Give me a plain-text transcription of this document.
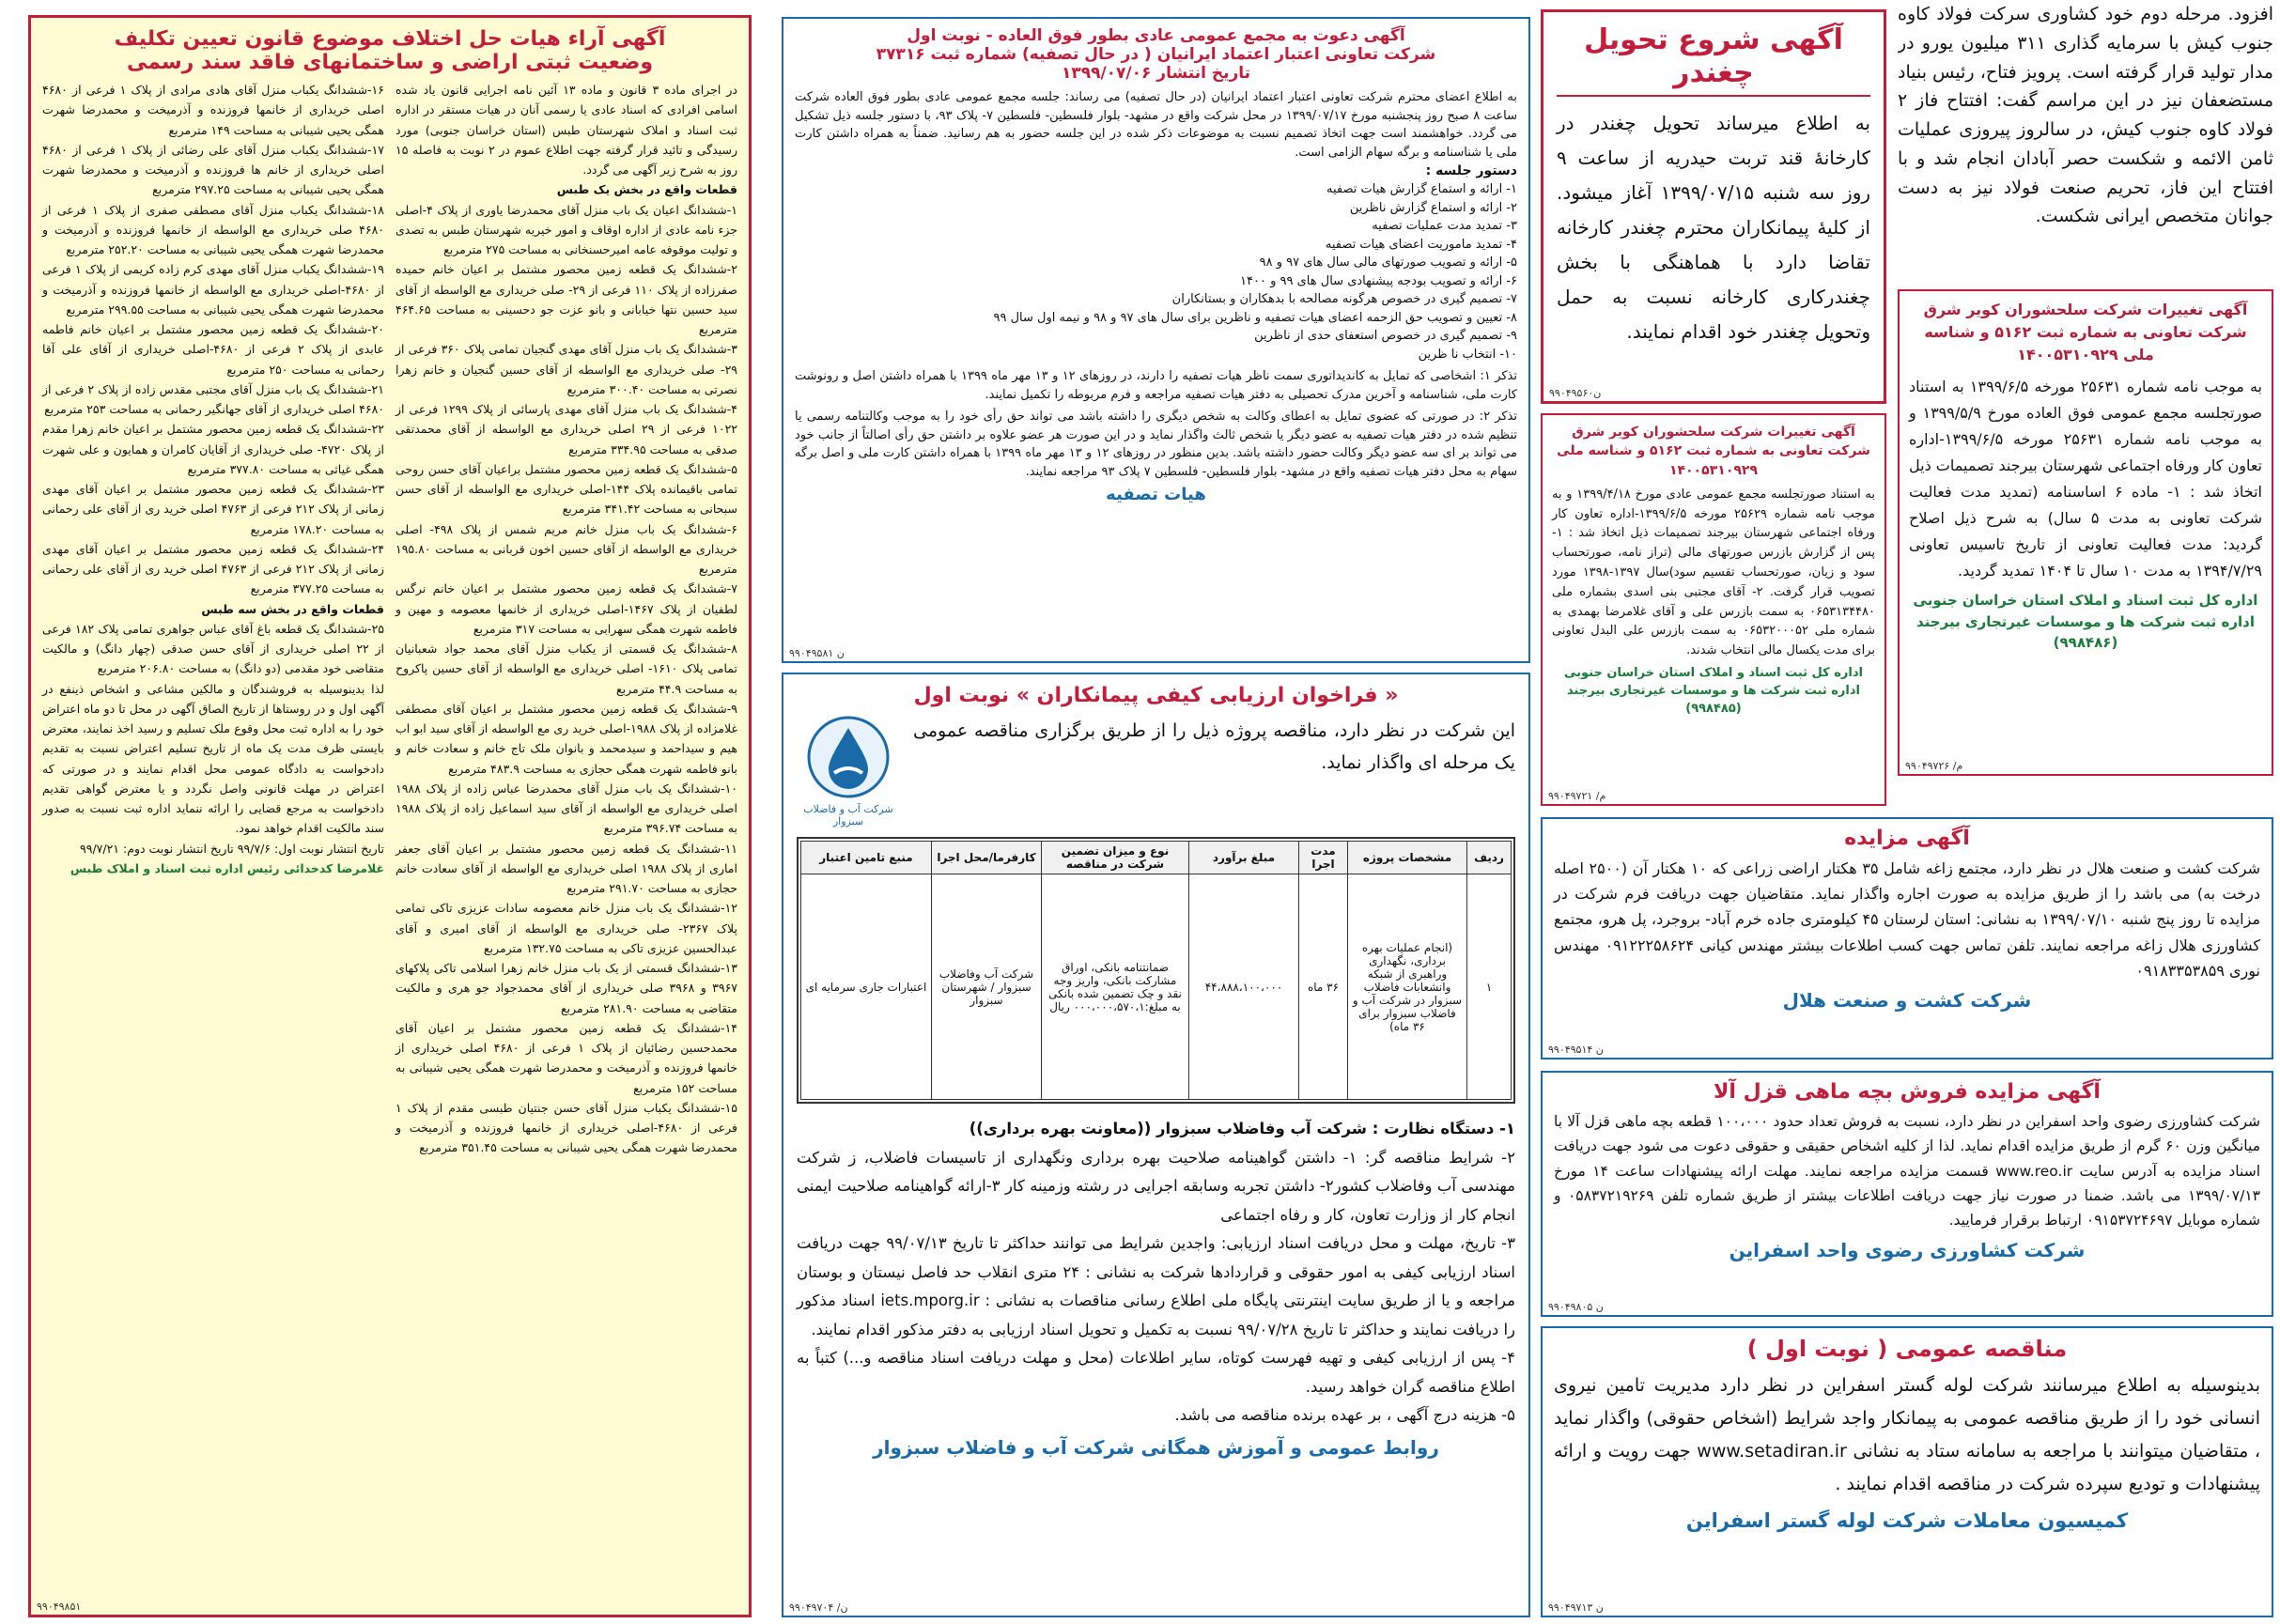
افزود. مرحله دوم خود کشاوری سرکت فولاد کاوه جنوب کیش با سرمایه گذاری ۳۱۱ میلیون یورو در مدار تولید قرار گرفته است. پرویز فتاح، رئیس بنیاد مستضعفان نیز در این مراسم گفت: افتتاح فاز ۲ فولاد کاوه جنوب کیش، در سالروز پیروزی عملیات ثامن الائمه و شکست حصر آبادان انجام شد و با افتتاح این فاز، تحریم صنعت فولاد نیز به دست جوانان متخصص ایرانی شکست.

آگهی شروع تحویل چغندر

به اطلاع میرساند تحویل چغندر در کارخانهٔ قند تربت حیدریه از ساعت ۹ روز سه شنبه ۱۳۹۹/۰۷/۱۵ آغاز میشود. از کلیهٔ پیمانکاران محترم چغندر کارخانه تقاضا دارد با هماهنگی با بخش چغندرکاری کارخانه نسبت به حمل وتحویل چغندر خود اقدام نمایند.

ن۹۹۰۴۹۵۶۰

آگهی تغییرات شرکت سلحشوران کویر شرق شرکت تعاونی به شماره ثبت ۵۱۶۲ و شناسه ملی ۱۴۰۰۵۳۱۰۹۲۹

به موجب نامه شماره ۲۵۶۳۱ مورخه ۱۳۹۹/۶/۵ به استناد صورتجلسه مجمع عمومی فوق العاده مورخ ۱۳۹۹/۵/۹ و به موجب نامه شماره ۲۵۶۳۱ مورخه ۱۳۹۹/۶/۵-اداره تعاون کار ورفاه اجتماعی شهرستان بیرجند تصمیمات ذیل اتخاذ شد : ۱- ماده ۶ اساسنامه (تمدید مدت فعالیت شرکت تعاونی به مدت ۵ سال) به شرح ذیل اصلاح گردید: مدت فعالیت تعاونی از تاریخ تاسیس تعاونی ۱۳۹۴/۷/۲۹ به مدت ۱۰ سال تا ۱۴۰۴ تمدید گردید.

اداره کل ثبت اسناد و املاک استان خراسان جنوبی اداره ثبت شرکت ها و موسسات غیرتجاری بیرجند (۹۹۸۴۸۶)

م/ ۹۹۰۴۹۷۲۶

آگهی تغییرات شرکت سلحشوران کویر شرق شرکت تعاونی به شماره ثبت ۵۱۶۲ و شناسه ملی ۱۴۰۰۵۳۱۰۹۲۹

به استناد صورتجلسه مجمع عمومی عادی مورخ ۱۳۹۹/۴/۱۸ و به موجب نامه شماره ۲۵۶۲۹ مورخه ۱۳۹۹/۶/۵-اداره تعاون کار ورفاه اجتماعی شهرستان بیرجند تصمیمات ذیل اتخاذ شد : ۱- پس از گزارش بازرس صورتهای مالی (تراز نامه، صورتحساب سود و زیان، صورتحساب تقسیم سود)سال ۱۳۹۷-۱۳۹۸ مورد تصویب قرار گرفت. ۲- آقای مجتبی بنی اسدی بشماره ملی ۰۶۵۳۱۳۴۴۸۰ به سمت بازرس علی و آقای غلامرضا بهمدی به شماره ملی ۰۶۵۳۲۰۰۰۵۲ به سمت بازرس علی البدل تعاونی برای مدت یکسال مالی انتخاب شدند.

اداره کل ثبت اسناد و املاک استان خراسان جنوبی اداره ثبت شرکت ها و موسسات غیرتجاری بیرجند (۹۹۸۴۸۵)

م/ ۹۹۰۴۹۷۲۱

آگهی مزایده

شرکت کشت و صنعت هلال در نظر دارد، مجتمع زاغه شامل ۳۵ هکتار اراضی زراعی که ۱۰ هکتار آن (۲۵۰۰ اصله درخت به) می باشد را از طریق مزایده به صورت اجاره واگذار نماید. متقاضیان جهت دریافت فرم شرکت در مزایده تا روز پنج شنبه ۱۳۹۹/۰۷/۱۰ به نشانی: استان لرستان ۴۵ کیلومتری جاده خرم آباد- بروجرد، پل هرو، مجتمع کشاورزی هلال زاغه مراجعه نمایند. تلفن تماس جهت کسب اطلاعات بیشتر مهندس کیانی ۰۹۱۲۲۲۵۸۶۲۴ مهندس نوری ۰۹۱۸۳۳۵۳۸۵۹

شرکت کشت و صنعت هلال

ن ۹۹۰۴۹۵۱۴

آگهی مزایده فروش بچه ماهی قزل آلا

شرکت کشاورزی رضوی واحد اسفراین در نظر دارد، نسبت به فروش تعداد حدود ۱۰۰،۰۰۰ قطعه بچه ماهی قزل آلا با میانگین وزن ۶۰ گرم از طریق مزایده اقدام نماید. لذا از کلیه اشخاص حقیقی و حقوقی دعوت می شود جهت دریافت اسناد مزایده به آدرس سایت www.reo.ir قسمت مزایده مراجعه نمایند. مهلت ارائه پیشنهادات ساعت ۱۴ مورخ ۱۳۹۹/۰۷/۱۳ می باشد. ضمنا در صورت نیاز جهت دریافت اطلاعات بیشتر از طریق شماره تلفن ۰۵۸۳۷۲۱۹۲۶۹ و شماره موبایل ۰۹۱۵۳۷۲۴۶۹۷ ارتباط برقرار فرمایید.

شرکت کشاورزی رضوی واحد اسفراین

ن ۹۹۰۴۹۸۰۵

مناقصه عمومی ( نوبت اول )

بدینوسیله به اطلاع میرسانند شرکت لوله گستر اسفراین در نظر دارد مدیریت تامین نیروی انسانی خود را از طریق مناقصه عمومی به پیمانکار واجد شرایط (اشخاص حقوقی) واگذار نماید ، متقاضیان میتوانند با مراجعه به سامانه ستاد به نشانی www.setadiran.ir جهت رویت و ارائه پیشنهادات و تودیع سپرده شرکت در مناقصه اقدام نمایند .

کمیسیون معاملات شرکت لوله گستر اسفراین

ن ۹۹۰۴۹۷۱۳

آگهی دعوت به مجمع عمومی عادی بطور فوق العاده - نوبت اول

شرکت تعاونی اعتبار اعتماد ایرانیان ( در حال تصفیه) شماره ثبت ۳۷۳۱۶

تاریخ انتشار ۱۳۹۹/۰۷/۰۶

به اطلاع اعضای محترم شرکت تعاونی اعتبار اعتماد ایرانیان (در حال تصفیه) می رساند: جلسه مجمع عمومی عادی بطور فوق العاده شرکت ساعت ۸ صبح روز پنجشنبه مورخ ۱۳۹۹/۰۷/۱۷ در محل شرکت واقع در مشهد- بلوار فلسطین- فلسطین ۷- پلاک ۹۳، با دستور جلسه ذیل تشکیل می گردد. خواهشمند است جهت اتخاذ تصمیم نسبت به موضوعات ذکر شده در این جلسه حضور به هم رسانید. ضمناً به همراه داشتن کارت ملی یا شناسنامه و برگه سهام الزامی است.

دستور جلسه :

۱- ارائه و استماع گزارش هیات تصفیه

۲- ارائه و استماع گزارش ناظرین

۳- تمدید مدت عملیات تصفیه

۴- تمدید ماموریت اعضای هیات تصفیه

۵- ارائه و تصویب صورتهای مالی سال های ۹۷ و ۹۸

۶- ارائه و تصویب بودجه پیشنهادی سال های ۹۹ و ۱۴۰۰

۷- تصمیم گیری در خصوص هرگونه مصالحه با بدهکاران و بستانکاران

۸- تعیین و تصویب حق الزحمه اعضای هیات تصفیه و ناظرین برای سال های ۹۷ و ۹۸ و نیمه اول سال ۹۹

۹- تصمیم گیری در خصوص استعفای حدی از ناظرین

۱۰- انتخاب نا ظرین

تذکر ۱: اشخاصی که تمایل به کاندیداتوری سمت ناظر هیات تصفیه را دارند، در روزهای ۱۲ و ۱۳ مهر ماه ۱۳۹۹ با همراه داشتن اصل و رونوشت کارت ملی، شناسنامه و آخرین مدرک تحصیلی به دفتر هیات تصفیه مراجعه و فرم مربوطه را تکمیل نمایند.

تذکر ۲: در صورتی که عضوی تمایل به اعطای وکالت به شخص دیگری را داشته باشد می تواند حق رأی خود را به موجب وکالتنامه رسمی یا تنظیم شده در دفتر هیات تصفیه به عضو دیگر یا شخص ثالث واگذار نماید و در این صورت هر عضو علاوه بر داشتن حق رأی اصالتاً از جانب خود می تواند بر ای سه عضو دیگر وکالت حضور داشته باشد. بدین منظور در روزهای ۱۲ و ۱۳ مهر ماه ۱۳۹۹ با همراه داشتن کارت ملی و اصل برگه سهام به محل دفتر هیات تصفیه واقع در مشهد- بلوار فلسطین- فلسطین ۷ پلاک ۹۳ مراجعه نمایند.

هیات تصفیه

ن ۹۹۰۴۹۵۸۱

« فراخوان ارزیابی کیفی پیمانکاران » نوبت اول

این شرکت در نظر دارد، مناقصه پروژه ذیل را از طریق برگزاری مناقصه عمومی یک مرحله ای واگذار نماید.

شرکت آب و فاضلاب سبزوار
ردیف	مشخصات پروژه	مدت اجرا	مبلغ برآورد	نوع و میزان تضمین شرکت در مناقصه	کارفرما/محل اجرا	منبع تامین اعتبار
۱	(انجام عملیات بهره برداری، نگهداری وراهبری از شبکه وانشعابات فاضلاب سبزوار در شرکت آب و فاضلاب سبزوار برای ۳۶ ماه)	۳۶ ماه	۴۴،۸۸۸،۱۰۰،۰۰۰	ضمانتنامه بانکی، اوراق مشارکت بانکی، واریز وجه نقد و چک تضمین شده بانکی به مبلغ:۰۰۰،۰۰۰،۵۷۰،۱ ریال	شرکت آب وفاضلاب سبزوار / شهرستان سبزوار	اعتبارات جاری سرمایه ای

۱- دستگاه نظارت : شرکت آب وفاضلاب سبزوار ((معاونت بهره برداری))

۲- شرایط مناقصه گر: ۱- داشتن گواهینامه صلاحیت بهره برداری ونگهداری از تاسیسات فاضلاب، ز شرکت مهندسی آب وفاضلاب کشور۲- داشتن تجربه وسابقه اجرایی در رشته وزمینه کار ۳-ارائه گواهینامه صلاحیت ایمنی انجام کار از وزارت تعاون، کار و رفاه اجتماعی

۳- تاریخ، مهلت و محل دریافت اسناد ارزیابی: واجدین شرایط می توانند حداکثر تا تاریخ ۹۹/۰۷/۱۳ جهت دریافت اسناد ارزیابی کیفی به امور حقوقی و قراردادها شرکت به نشانی : ۲۴ متری انقلاب حد فاصل نیستان و بوستان مراجعه و یا از طریق سایت اینترنتی پایگاه ملی اطلاع رسانی مناقصات به نشانی : iets.mporg.ir اسناد مذکور را دریافت نمایند و حداکثر تا تاریخ ۹۹/۰۷/۲۸ نسبت به تکمیل و تحویل اسناد ارزیابی به دفتر مذکور اقدام نمایند.

۴- پس از ارزیابی کیفی و تهیه فهرست کوتاه، سایر اطلاعات (محل و مهلت دریافت اسناد مناقصه و...) کتباً به اطلاع مناقصه گران خواهد رسید.

۵- هزینه درج آگهی ، بر عهده برنده مناقصه می باشد.

روابط عمومی و آموزش همگانی شرکت آب و فاضلاب سبزوار

ن/ ۹۹۰۴۹۷۰۴

آگهی آراء هیات حل اختلاف موضوع قانون تعیین تکلیف

وضعیت ثبتی اراضی و ساختمانهای فاقد سند رسمی

در اجرای ماده ۳ قانون و ماده ۱۳ آئین نامه اجرایی قانون یاد شده اسامی افرادی که اسناد عادی یا رسمی آنان در هیات مستقر در اداره ثبت اسناد و املاک شهرستان طبس (استان خراسان جنوبی) مورد رسیدگی و تائید قرار گرفته جهت اطلاع عموم در ۲ نوبت به فاصله ۱۵ روز به شرح زیر آگهی می گردد.

قطعات واقع در بخش یک طبس

۱-ششدانگ اعیان یک باب منزل آقای محمدرضا یاوری از پلاک ۴-اصلی جزء نامه عادی از اداره اوقاف و امور خیریه شهرستان طبس به تصدی و تولیت موقوفه عامه امیرحسنخانی به مساحت ۲۷۵ مترمربع

۲-ششدانگ یک قطعه زمین محصور مشتمل بر اعیان خانم حمیده صفرزاده از پلاک ۱۱۰ فرعی از ۲۹- صلی خریداری مع الواسطه از آقای سید حسین نتها خیابانی و بانو عزت جو دحسینی به مساحت ۴۶۴.۶۵ مترمربع

۳-ششدانگ یک باب منزل آقای مهدی گنجیان تمامی پلاک ۳۶۰ فرعی از ۲۹- صلی خریداری مع الواسطه از آقای حسین گنجیان و خانم زهرا نصرتی به مساحت ۳۰۰.۴۰ مترمربع

۴-ششدانگ یک باب منزل آقای مهدی پارسائی از پلاک ۱۲۹۹ فرعی از ۱۰۲۲ فرعی از ۲۹ اصلی خریداری مع الواسطه از آقای محمدتقی صدقی به مساحت ۳۳۴.۹۵ مترمربع

۵-ششدانگ یک قطعه زمین محصور مشتمل براعیان آقای حسن روحی تمامی باقیمانده پلاک ۱۴۴-اصلی خریداری مع الواسطه از آقای حسن سبحانی به مساحت ۳۴۱.۴۲ مترمربع

۶-ششدانگ یک باب منزل خانم مریم شمس از پلاک ۴۹۸- اصلی خریداری مع الواسطه از آقای حسین اخون قربانی به مساحت ۱۹۵.۸۰ مترمربع

۷-ششدانگ یک قطعه زمین محصور مشتمل بر اعیان خانم نرگس لطفیان از پلاک ۱۴۶۷-اصلی خریداری از خانمها معصومه و مهین و فاطمه شهرت همگی سهرابی به مساحت ۳۱۷ مترمربع

۸-ششدانگ یک قسمتی از یکباب منزل آقای محمد جواد شعبانیان تمامی پلاک ۱۶۱۰- اصلی خریداری مع الواسطه از آقای حسین پاکروح به مساحت ۴۴.۹ مترمربع

۹-ششدانگ یک قطعه زمین محصور مشتمل بر اعیان آقای مصطفی غلامزاده از پلاک ۱۹۸۸-اصلی خرید ری مع الواسطه از آقای سید ابو اب هیم و سیداحمد و سیدمحمد و بانوان ملک تاج خانم و سعادت خانم و بانو فاطمه شهرت همگی حجازی به مساحت ۴۸۳.۹ مترمربع

۱۰-ششدانگ یک باب منزل آقای محمدرضا عباس زاده از پلاک ۱۹۸۸ اصلی خریداری مع الواسطه از آقای سید اسماعیل زاده از پلاک ۱۹۸۸ به مساحت ۳۹۶.۷۴ مترمربع

۱۱-ششدانگ یک قطعه زمین محصور مشتمل بر اعیان آقای جعفر اماری از پلاک ۱۹۸۸ اصلی خریداری مع الواسطه از آقای سعادت خانم حجازی به مساحت ۲۹۱.۷۰ مترمربع

۱۲-ششدانگ یک باب منزل خانم معصومه سادات عزیزی تاکی تمامی پلاک ۲۳۶۷- صلی خریداری مع الواسطه از آقای امیری و آقای عبدالحسین عزیزی تاکی به مساحت ۱۳۲.۷۵ مترمربع

۱۳-ششدانگ قسمتی از یک باب منزل خانم زهرا اسلامی تاکی پلاکهای ۳۹۶۷ و ۳۹۶۸ صلی خریداری از آقای محمدجواد جو هری و مالکیت متقاضی به مساحت ۲۸۱.۹۰ مترمربع

۱۴-ششدانگ یک قطعه زمین محصور مشتمل بر اعیان آقای محمدحسین رضائیان از پلاک ۱ فرعی از ۴۶۸۰ اصلی خریداری از خانمها فروزنده و آذرمیخت و محمدرضا شهرت همگی یحیی شیبانی به مساحت ۱۵۲ مترمربع

۱۵-ششدانگ یکباب منزل آقای حسن جنتیان طبسی مقدم از پلاک ۱ فرعی از ۴۶۸۰-اصلی خریداری از خانمها فروزنده و آذرمیخت و محمدرضا شهرت همگی یحیی شیبانی به مساحت ۳۵۱.۴۵ مترمربع

۱۶-ششدانگ یکباب منزل آقای هادی مرادی از پلاک ۱ فرعی از ۴۶۸۰ اصلی خریداری از خانمها فروزنده و آذرمیخت و محمدرضا شهرت همگی یحیی شیبانی به مساحت ۱۴۹ مترمربع

۱۷-ششدانگ یکباب منزل آقای علی رضائی از پلاک ۱ فرعی از ۴۶۸۰ اصلی خریداری از خانم ها فروزنده و آذرمیخت و محمدرضا شهرت همگی یحیی شیبانی به مساحت ۲۹۷.۲۵ مترمربع

۱۸-ششدانگ یکباب منزل آقای مصطفی صفری از پلاک ۱ فرعی از ۴۶۸۰ صلی خریداری مع الواسطه از خانمها فروزنده و آذرمیخت و محمدرضا شهرت همگی یحیی شیبانی به مساحت ۲۵۲.۲۰ مترمربع

۱۹-ششدانگ یکباب منزل آقای مهدی کرم زاده کریمی از پلاک ۱ فرعی از ۴۶۸۰-اصلی خریداری مع الواسطه از خانمها فروزنده و آذرمیخت و محمدرضا شهرت همگی یحیی شیبانی به مساحت ۲۹۹.۵۵ مترمربع

۲۰-ششدانگ یک قطعه زمین محصور مشتمل بر اعیان خانم فاطمه عابدی از پلاک ۲ فرعی از ۴۶۸۰-اصلی خریداری از آقای علی آقا رحمانی به مساحت ۲۵۰ مترمربع

۲۱-ششدانگ یک باب منزل آقای مجتبی مقدس زاده از پلاک ۲ فرعی از ۴۶۸۰ اصلی خریداری از آقای جهانگیر رحمانی به مساحت ۲۵۳ مترمربع

۲۲-ششدانگ یک قطعه زمین محصور مشتمل بر اعیان خانم زهرا مقدم از پلاک ۴۷۲۰- صلی خریداری از آقایان کامران و همایون و علی شهرت همگی غیاثی به مساحت ۳۷۷.۸۰ مترمربع

۲۳-ششدانگ یک قطعه زمین محصور مشتمل بر اعیان آقای مهدی زمانی از پلاک ۲۱۲ فرعی از ۴۷۶۳ اصلی خرید ری از آقای علی رحمانی به مساحت ۱۷۸.۲۰ مترمربع

۲۴-ششدانگ یک قطعه زمین محصور مشتمل بر اعیان آقای مهدی زمانی از پلاک ۲۱۲ فرعی از ۴۷۶۳ اصلی خرید ری از آقای علی رحمانی به مساحت ۳۷۷.۲۵ مترمربع

قطعات واقع در بخش سه طبس

۲۵-ششدانگ یک قطعه باغ آقای عباس جواهری تمامی پلاک ۱۸۲ فرعی از ۲۲ اصلی خریداری از آقای حسن صدقی (چهار دانگ) و مالکیت متقاضی خود مقدمی (دو دانگ) به مساحت ۲۰۶.۸۰ مترمربع

لذا بدینوسیله به فروشندگان و مالکین مشاعی و اشخاص ذینفع در آگهی اول و در روستاها از تاریخ الصاق آگهی در محل تا دو ماه اعتراض خود را به اداره ثبت محل وقوع ملک تسلیم و رسید اخذ نمایند، معترض بایستی ظرف مدت یک ماه از تاریخ تسلیم اعتراض نسبت به تقدیم دادخواست به دادگاه عمومی محل اقدام نمایند و در صورتی که اعتراض در مهلت قانونی واصل نگردد و یا معترض گواهی تقدیم دادخواست به مرجع قضایی را ارائه ننماید اداره ثبت نسبت به صدور سند مالکیت اقدام خواهد نمود.

تاریخ انتشار نوبت اول: ۹۹/۷/۶ تاریخ انتشار نوبت دوم: ۹۹/۷/۲۱

غلامرضا کدخدائی رئیس اداره ثبت اسناد و املاک طبس

۹۹۰۴۹۸۵۱
